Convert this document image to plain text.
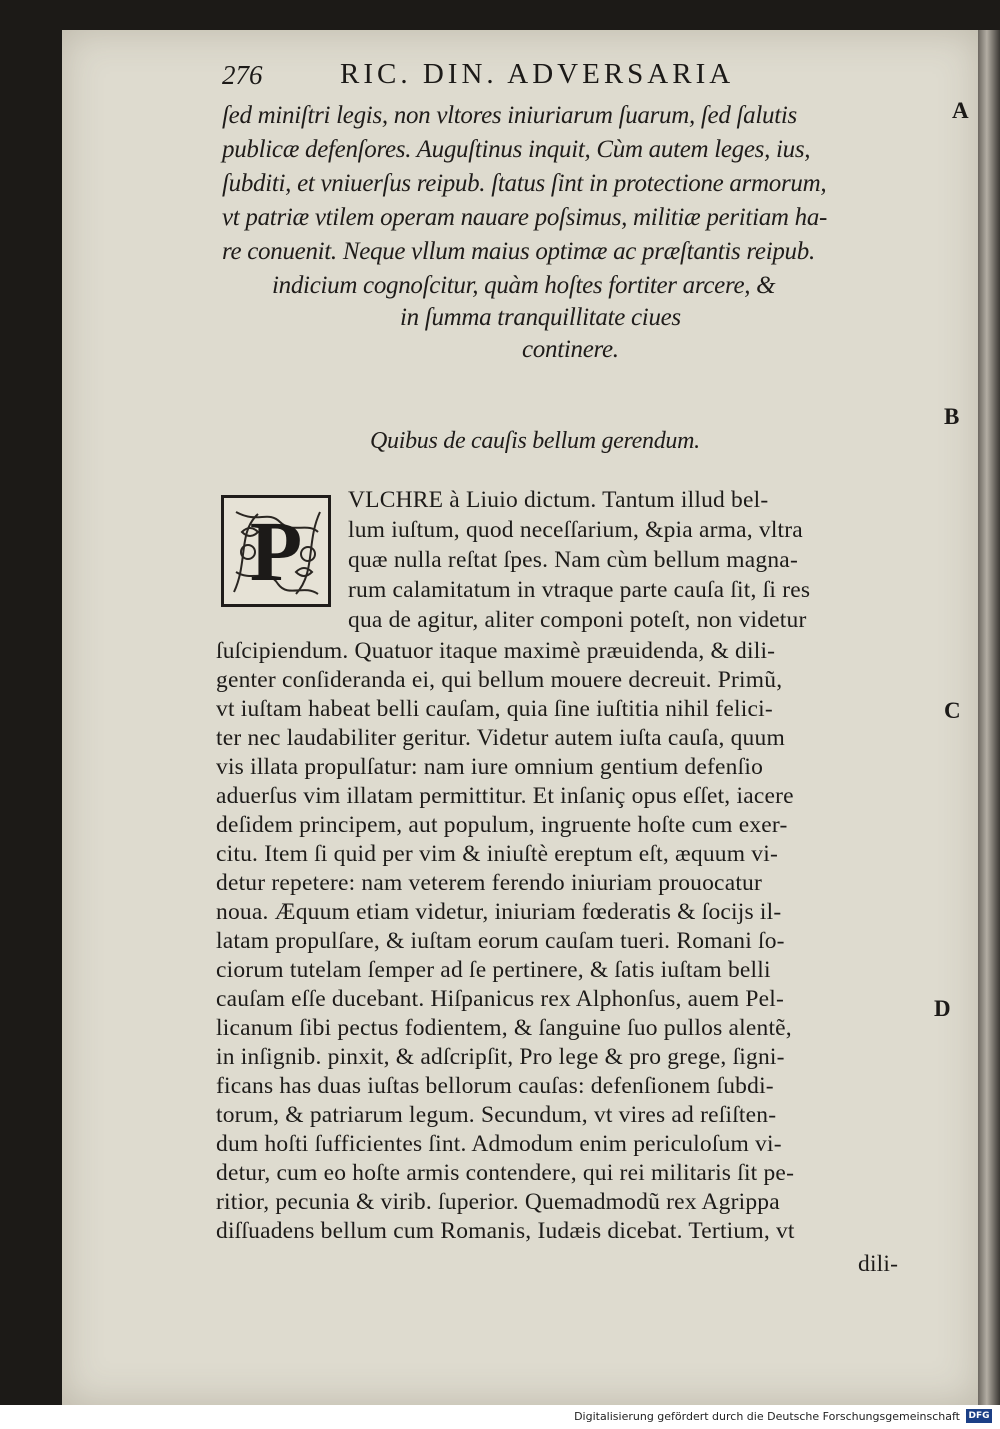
276	RIC. DIN. ADVERSARIA
ſed miniſtri legis, non vltores iniuriarum ſuarum, ſed ſalutis
publicæ defenſores. Auguſtinus inquit, Cùm autem leges, ius,
ſubditi, et vniuerſus reipub. ſtatus ſint in protectione armorum,
vt patriæ vtilem operam nauare poſsimus, militiæ peritiam ha-
re conuenit. Neque vllum maius optimæ ac præſtantis reipub.
indicium cognoſcitur, quàm hoſtes fortiter arcere, &
in ſumma tranquillitate ciues
continere.
Quibus de cauſis bellum gerendum.
P
VLCHRE à Liuio dictum. Tantum illud bel-
lum iuſtum, quod neceſſarium, &pia arma, vltra
quæ nulla reſtat ſpes. Nam cùm bellum magna-
rum calamitatum in vtraque parte cauſa ſit, ſi res
qua de agitur, aliter componi poteſt, non videtur
ſuſcipiendum. Quatuor itaque maximè præuidenda, & dili-
genter conſideranda ei, qui bellum mouere decreuit. Primũ,
vt iuſtam habeat belli cauſam, quia ſine iuſtitia nihil felici-
ter nec laudabiliter geritur. Videtur autem iuſta cauſa, quum
vis illata propulſatur: nam iure omnium gentium defenſio
aduerſus vim illatam permittitur. Et inſaniç opus eſſet, iacere
deſidem principem, aut populum, ingruente hoſte cum exer-
citu. Item ſi quid per vim & iniuſtè ereptum eſt, æquum vi-
detur repetere: nam veterem ferendo iniuriam prouocatur
noua. Æquum etiam videtur, iniuriam fœderatis & ſocijs il-
latam propulſare, & iuſtam eorum cauſam tueri. Romani ſo-
ciorum tutelam ſemper ad ſe pertinere, & ſatis iuſtam belli
cauſam eſſe ducebant. Hiſpanicus rex Alphonſus, auem Pel-
licanum ſibi pectus fodientem, & ſanguine ſuo pullos alentẽ,
in inſignib. pinxit, & adſcripſit, Pro lege & pro grege, ſigni-
ficans has duas iuſtas bellorum cauſas: defenſionem ſubdi-
torum, & patriarum legum. Secundum, vt vires ad reſiſten-
dum hoſti ſufficientes ſint. Admodum enim periculoſum vi-
detur, cum eo hoſte armis contendere, qui rei militaris ſit pe-
ritior, pecunia & virib. ſuperior. Quemadmodũ rex Agrippa
diſſuadens bellum cum Romanis, Iudæis dicebat. Tertium, vt
dili-
A
B
C
D
Digitalisierung gefördert durch die Deutsche Forschungsgemeinschaft DFG
